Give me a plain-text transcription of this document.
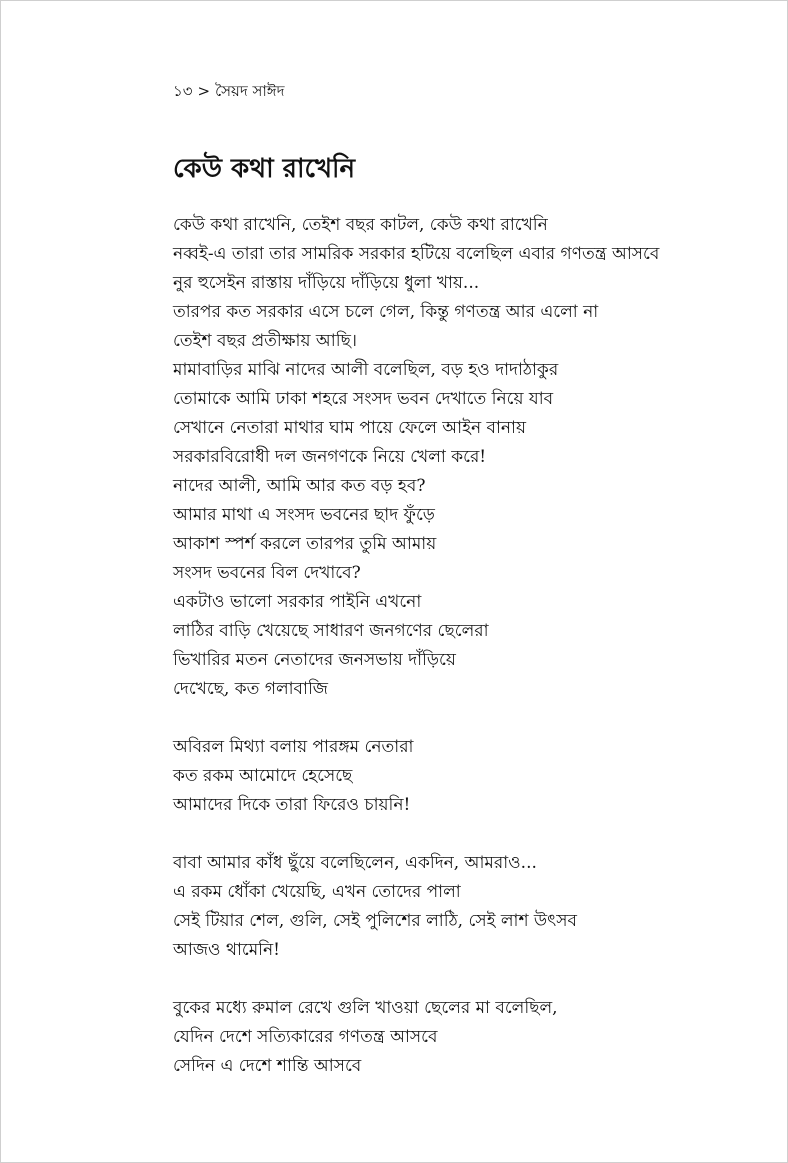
১৩ > সৈয়দ সাঈদ
কেউ কথা রাখেনি
কেউ কথা রাখেনি, তেইশ বছর কাটল, কেউ কথা রাখেনি
নব্বই-এ তারা তার সামরিক সরকার হটিয়ে বলেছিল এবার গণতন্ত্র আসবে
নুর হুসেইন রাস্তায় দাঁড়িয়ে দাঁড়িয়ে ধুলা খায়...
তারপর কত সরকার এসে চলে গেল, কিন্তু গণতন্ত্র আর এলো না
তেইশ বছর প্রতীক্ষায় আছি।
মামাবাড়ির মাঝি নাদের আলী বলেছিল, বড় হও দাদাঠাকুর
তোমাকে আমি ঢাকা শহরে সংসদ ভবন দেখাতে নিয়ে যাব
সেখানে নেতারা মাথার ঘাম পায়ে ফেলে আইন বানায়
সরকারবিরোধী দল জনগণকে নিয়ে খেলা করে!
নাদের আলী, আমি আর কত বড় হব?
আমার মাথা এ সংসদ ভবনের ছাদ ফুঁড়ে
আকাশ স্পর্শ করলে তারপর তুমি আমায়
সংসদ ভবনের বিল দেখাবে?
একটাও ভালো সরকার পাইনি এখনো
লাঠির বাড়ি খেয়েছে সাধারণ জনগণের ছেলেরা
ভিখারির মতন নেতাদের জনসভায় দাঁড়িয়ে
দেখেছে, কত গলাবাজি
অবিরল মিথ্যা বলায় পারঙ্গম নেতারা
কত রকম আমোদে হেসেছে
আমাদের দিকে তারা ফিরেও চায়নি!
বাবা আমার কাঁধ ছুঁয়ে বলেছিলেন, একদিন, আমরাও...
এ রকম ধোঁকা খেয়েছি, এখন তোদের পালা
সেই টিয়ার শেল, গুলি, সেই পুলিশের লাঠি, সেই লাশ উৎসব
আজও থামেনি!
বুকের মধ্যে রুমাল রেখে গুলি খাওয়া ছেলের মা বলেছিল,
যেদিন দেশে সত্যিকারের গণতন্ত্র আসবে
সেদিন এ দেশে শান্তি আসবে
